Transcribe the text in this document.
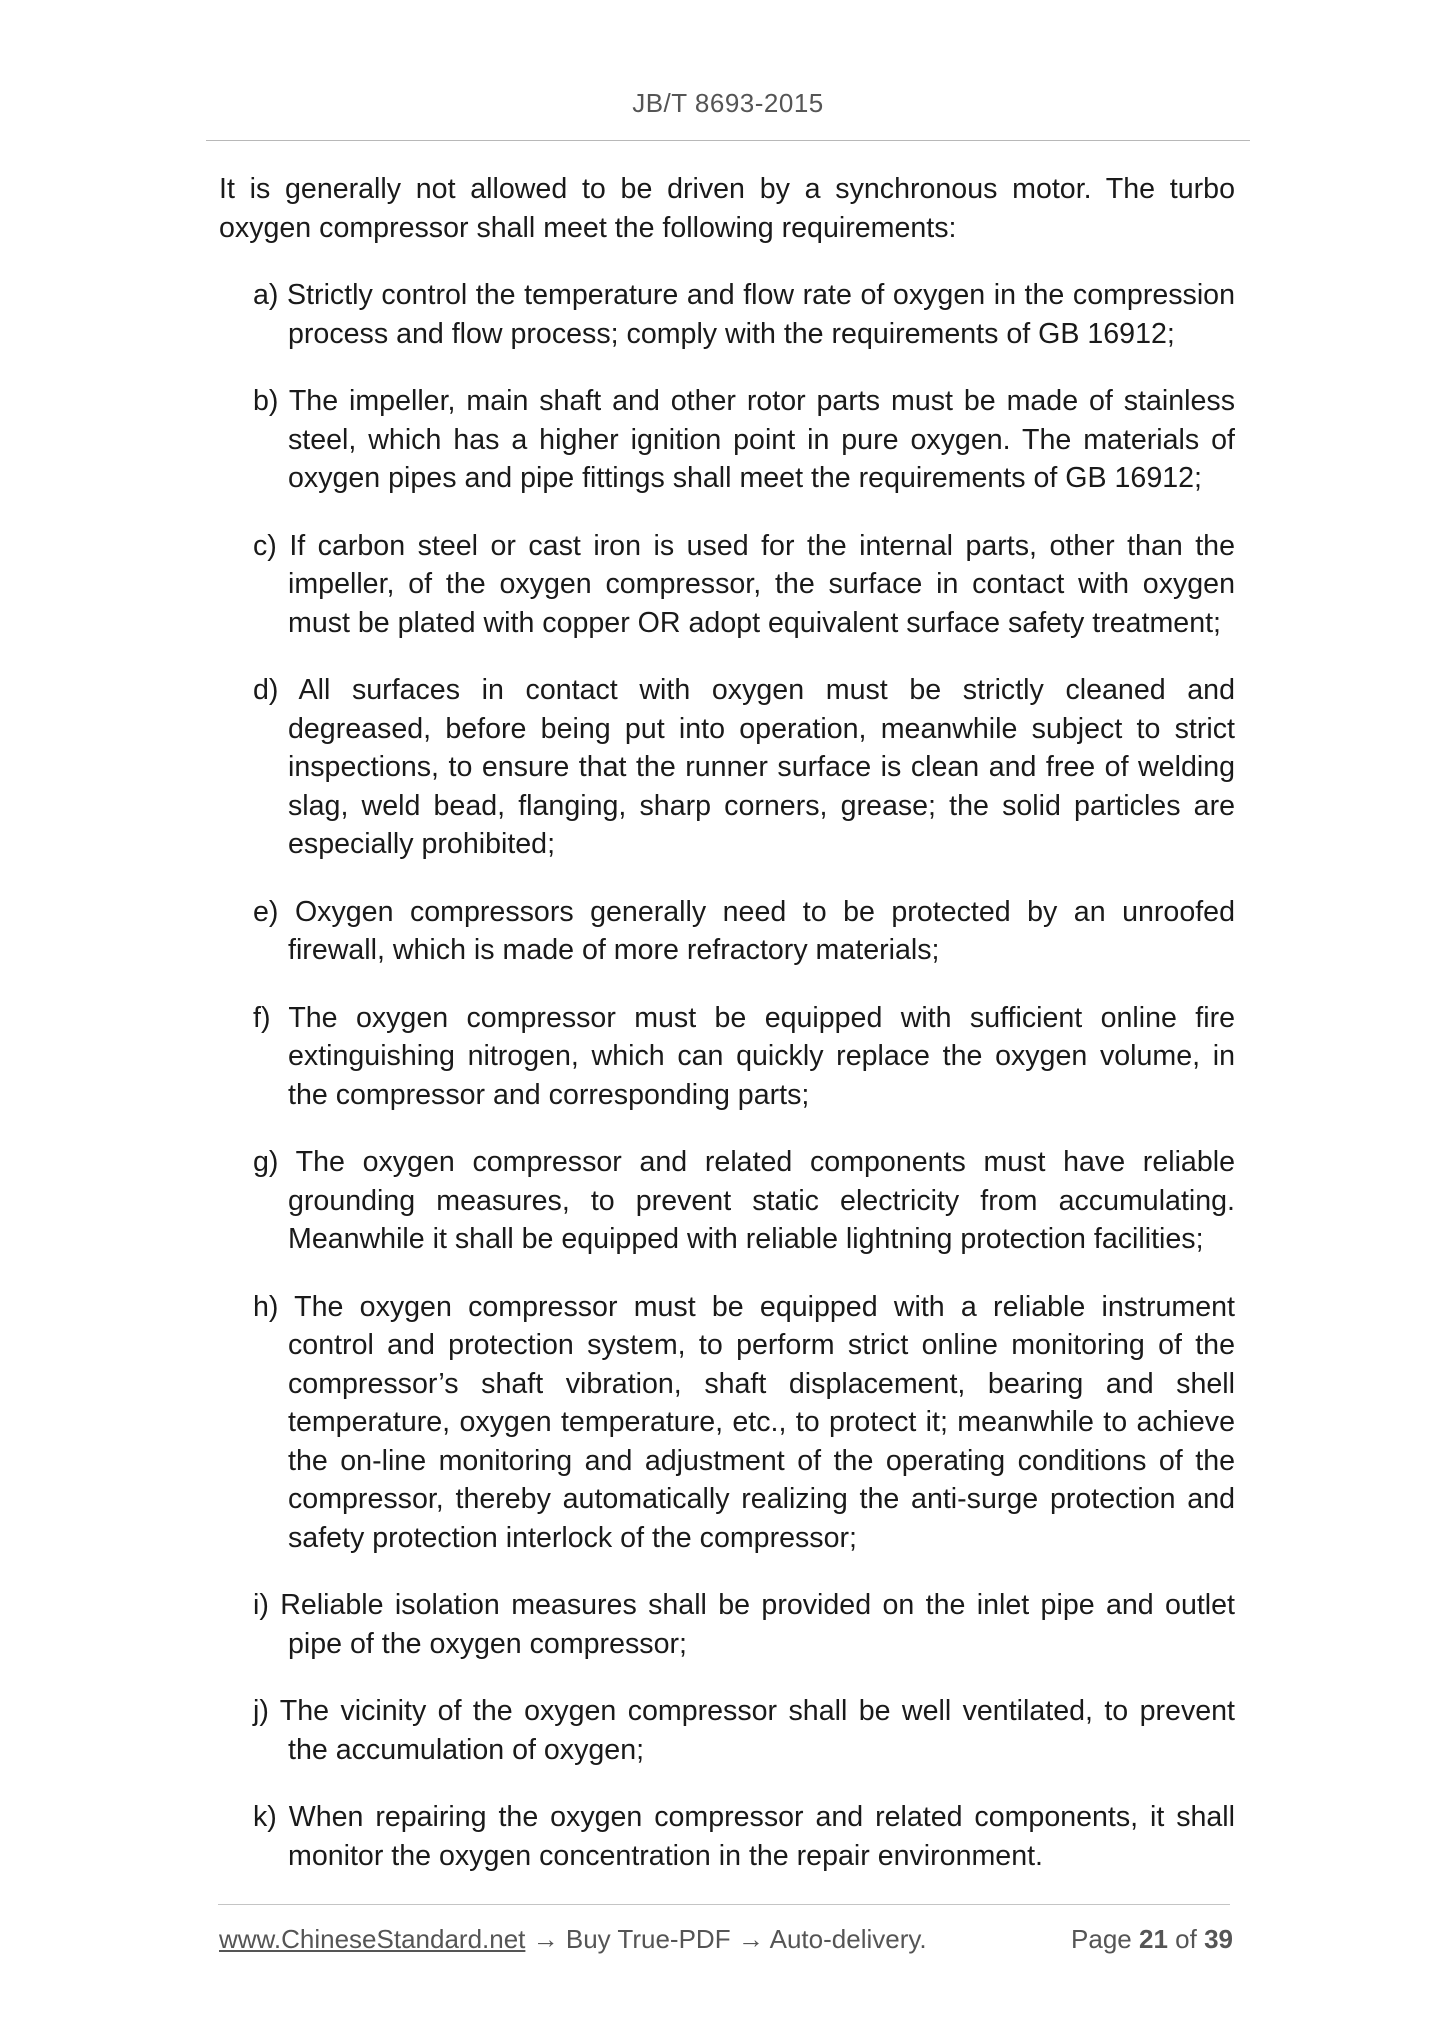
JB/T 8693-2015

It is generally not allowed to be driven by a synchronous motor. The turbo oxygen compressor shall meet the following requirements:

a) Strictly control the temperature and flow rate of oxygen in the compression process and flow process; comply with the requirements of GB 16912;
b) The impeller, main shaft and other rotor parts must be made of stainless steel, which has a higher ignition point in pure oxygen. The materials of oxygen pipes and pipe fittings shall meet the requirements of GB 16912;
c) If carbon steel or cast iron is used for the internal parts, other than the impeller, of the oxygen compressor, the surface in contact with oxygen must be plated with copper OR adopt equivalent surface safety treatment;
d) All surfaces in contact with oxygen must be strictly cleaned and degreased, before being put into operation, meanwhile subject to strict inspections, to ensure that the runner surface is clean and free of welding slag, weld bead, flanging, sharp corners, grease; the solid particles are especially prohibited;
e) Oxygen compressors generally need to be protected by an unroofed firewall, which is made of more refractory materials;
f) The oxygen compressor must be equipped with sufficient online fire extinguishing nitrogen, which can quickly replace the oxygen volume, in the compressor and corresponding parts;
g) The oxygen compressor and related components must have reliable grounding measures, to prevent static electricity from accumulating. Meanwhile it shall be equipped with reliable lightning protection facilities;
h) The oxygen compressor must be equipped with a reliable instrument control and protection system, to perform strict online monitoring of the compressor’s shaft vibration, shaft displacement, bearing and shell temperature, oxygen temperature, etc., to protect it; meanwhile to achieve the on-line monitoring and adjustment of the operating conditions of the compressor, thereby automatically realizing the anti-surge protection and safety protection interlock of the compressor;
i) Reliable isolation measures shall be provided on the inlet pipe and outlet pipe of the oxygen compressor;
j) The vicinity of the oxygen compressor shall be well ventilated, to prevent the accumulation of oxygen;
k) When repairing the oxygen compressor and related components, it shall monitor the oxygen concentration in the repair environment.
www.ChineseStandard.net → Buy True-PDF → Auto-delivery.	Page 21 of 39
